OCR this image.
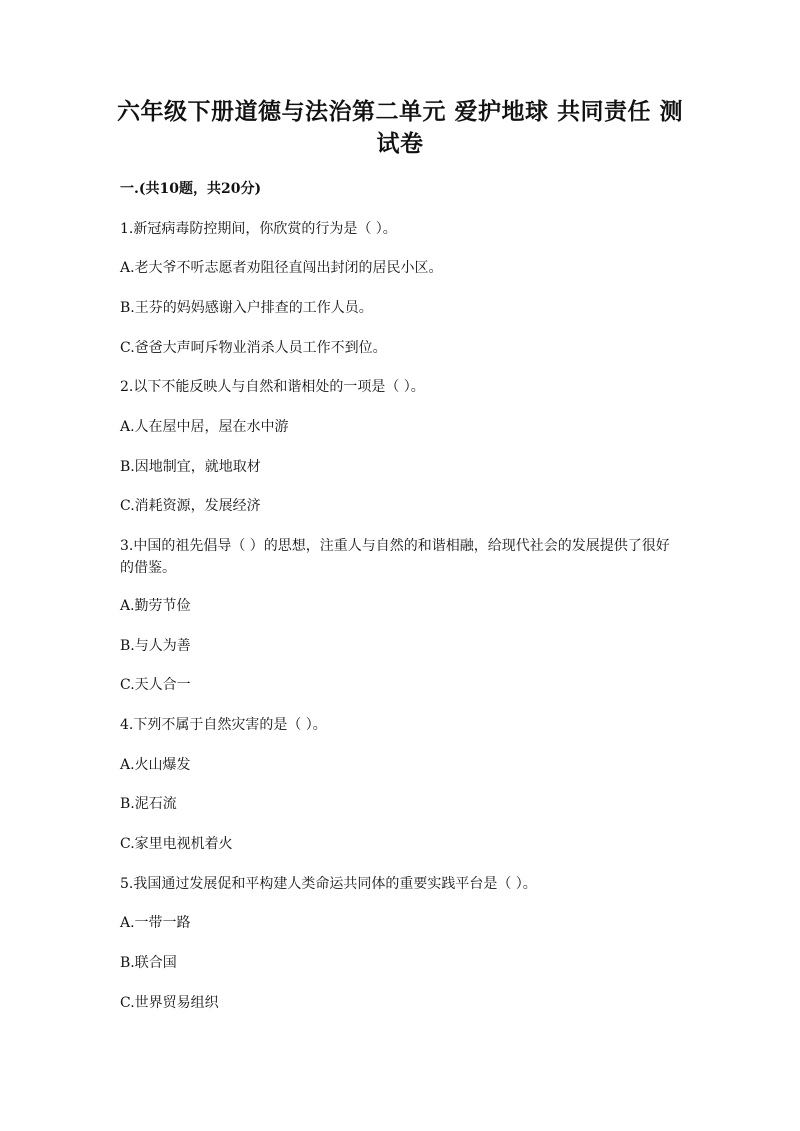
六年级下册道德与法治第二单元 爱护地球 共同责任 测试卷
一.(共10题，共20分)
1.新冠病毒防控期间，你欣赏的行为是（ ）。
A.老大爷不听志愿者劝阻径直闯出封闭的居民小区。
B.王芬的妈妈感谢入户排查的工作人员。
C.爸爸大声呵斥物业消杀人员工作不到位。
2.以下不能反映人与自然和谐相处的一项是（ ）。
A.人在屋中居，屋在水中游
B.因地制宜，就地取材
C.消耗资源，发展经济
3.中国的祖先倡导（ ）的思想，注重人与自然的和谐相融，给现代社会的发展提供了很好的借鉴。
A.勤劳节俭
B.与人为善
C.天人合一
4.下列不属于自然灾害的是（ ）。
A.火山爆发
B.泥石流
C.家里电视机着火
5.我国通过发展促和平构建人类命运共同体的重要实践平台是（ ）。
A.一带一路
B.联合国
C.世界贸易组织
